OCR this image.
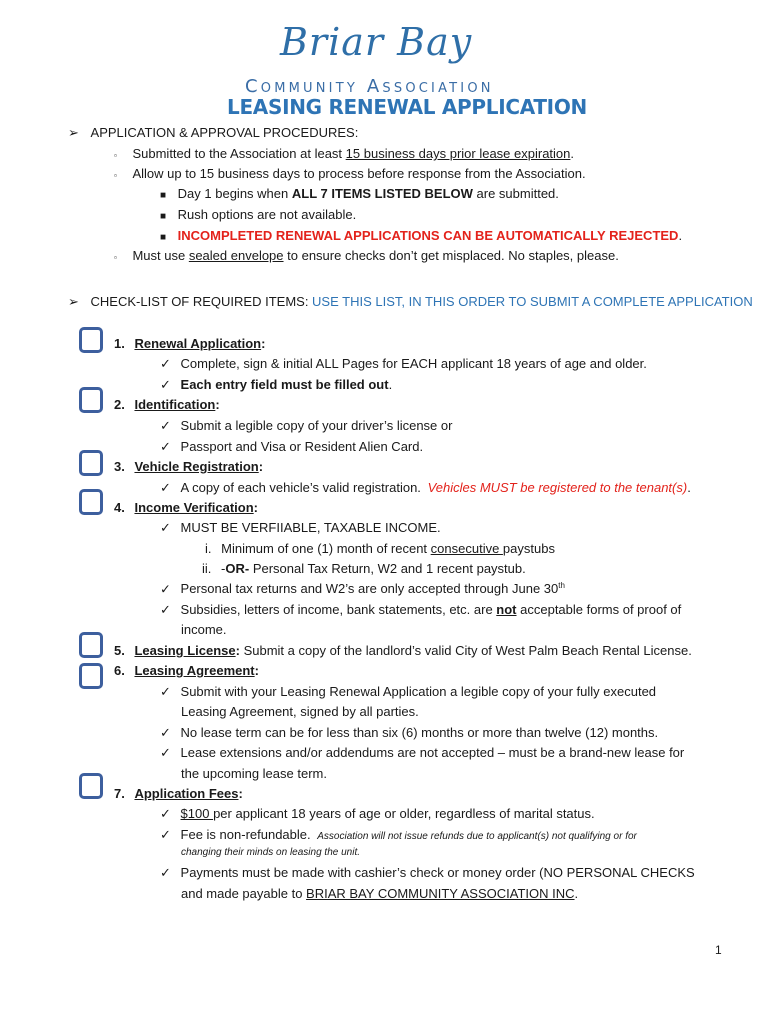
Briar Bay
Community Association
LEASING RENEWAL APPLICATION
➢ APPLICATION & APPROVAL PROCEDURES:
▫ Submitted to the Association at least 15 business days prior lease expiration.
▫ Allow up to 15 business days to process before response from the Association.
■ Day 1 begins when ALL 7 ITEMS LISTED BELOW are submitted.
■ Rush options are not available.
■ INCOMPLETED RENEWAL APPLICATIONS CAN BE AUTOMATICALLY REJECTED.
▫ Must use sealed envelope to ensure checks don’t get misplaced. No staples, please.
➢ CHECK-LIST OF REQUIRED ITEMS: USE THIS LIST, IN THIS ORDER TO SUBMIT A COMPLETE APPLICATION
1. Renewal Application:
✓ Complete, sign & initial ALL Pages for EACH applicant 18 years of age and older.
✓ Each entry field must be filled out.
2. Identification:
✓ Submit a legible copy of your driver’s license or
✓ Passport and Visa or Resident Alien Card.
3. Vehicle Registration:
✓ A copy of each vehicle’s valid registration. Vehicles MUST be registered to the tenant(s).
4. Income Verification:
✓ MUST BE VERFIIABLE, TAXABLE INCOME.
i. Minimum of one (1) month of recent consecutive paystubs
ii. -OR- Personal Tax Return, W2 and 1 recent paystub.
✓ Personal tax returns and W2’s are only accepted through June 30th
✓ Subsidies, letters of income, bank statements, etc. are not acceptable forms of proof of
income.
5. Leasing License: Submit a copy of the landlord’s valid City of West Palm Beach Rental License.
6. Leasing Agreement:
✓ Submit with your Leasing Renewal Application a legible copy of your fully executed
Leasing Agreement, signed by all parties.
✓ No lease term can be for less than six (6) months or more than twelve (12) months.
✓ Lease extensions and/or addendums are not accepted – must be a brand-new lease for
the upcoming lease term.
7. Application Fees:
✓ $100 per applicant 18 years of age or older, regardless of marital status.
✓ Fee is non-refundable. Association will not issue refunds due to applicant(s) not qualifying or for
changing their minds on leasing the unit.
✓ Payments must be made with cashier’s check or money order (NO PERSONAL CHECKS
and made payable to BRIAR BAY COMMUNITY ASSOCIATION INC.
1
